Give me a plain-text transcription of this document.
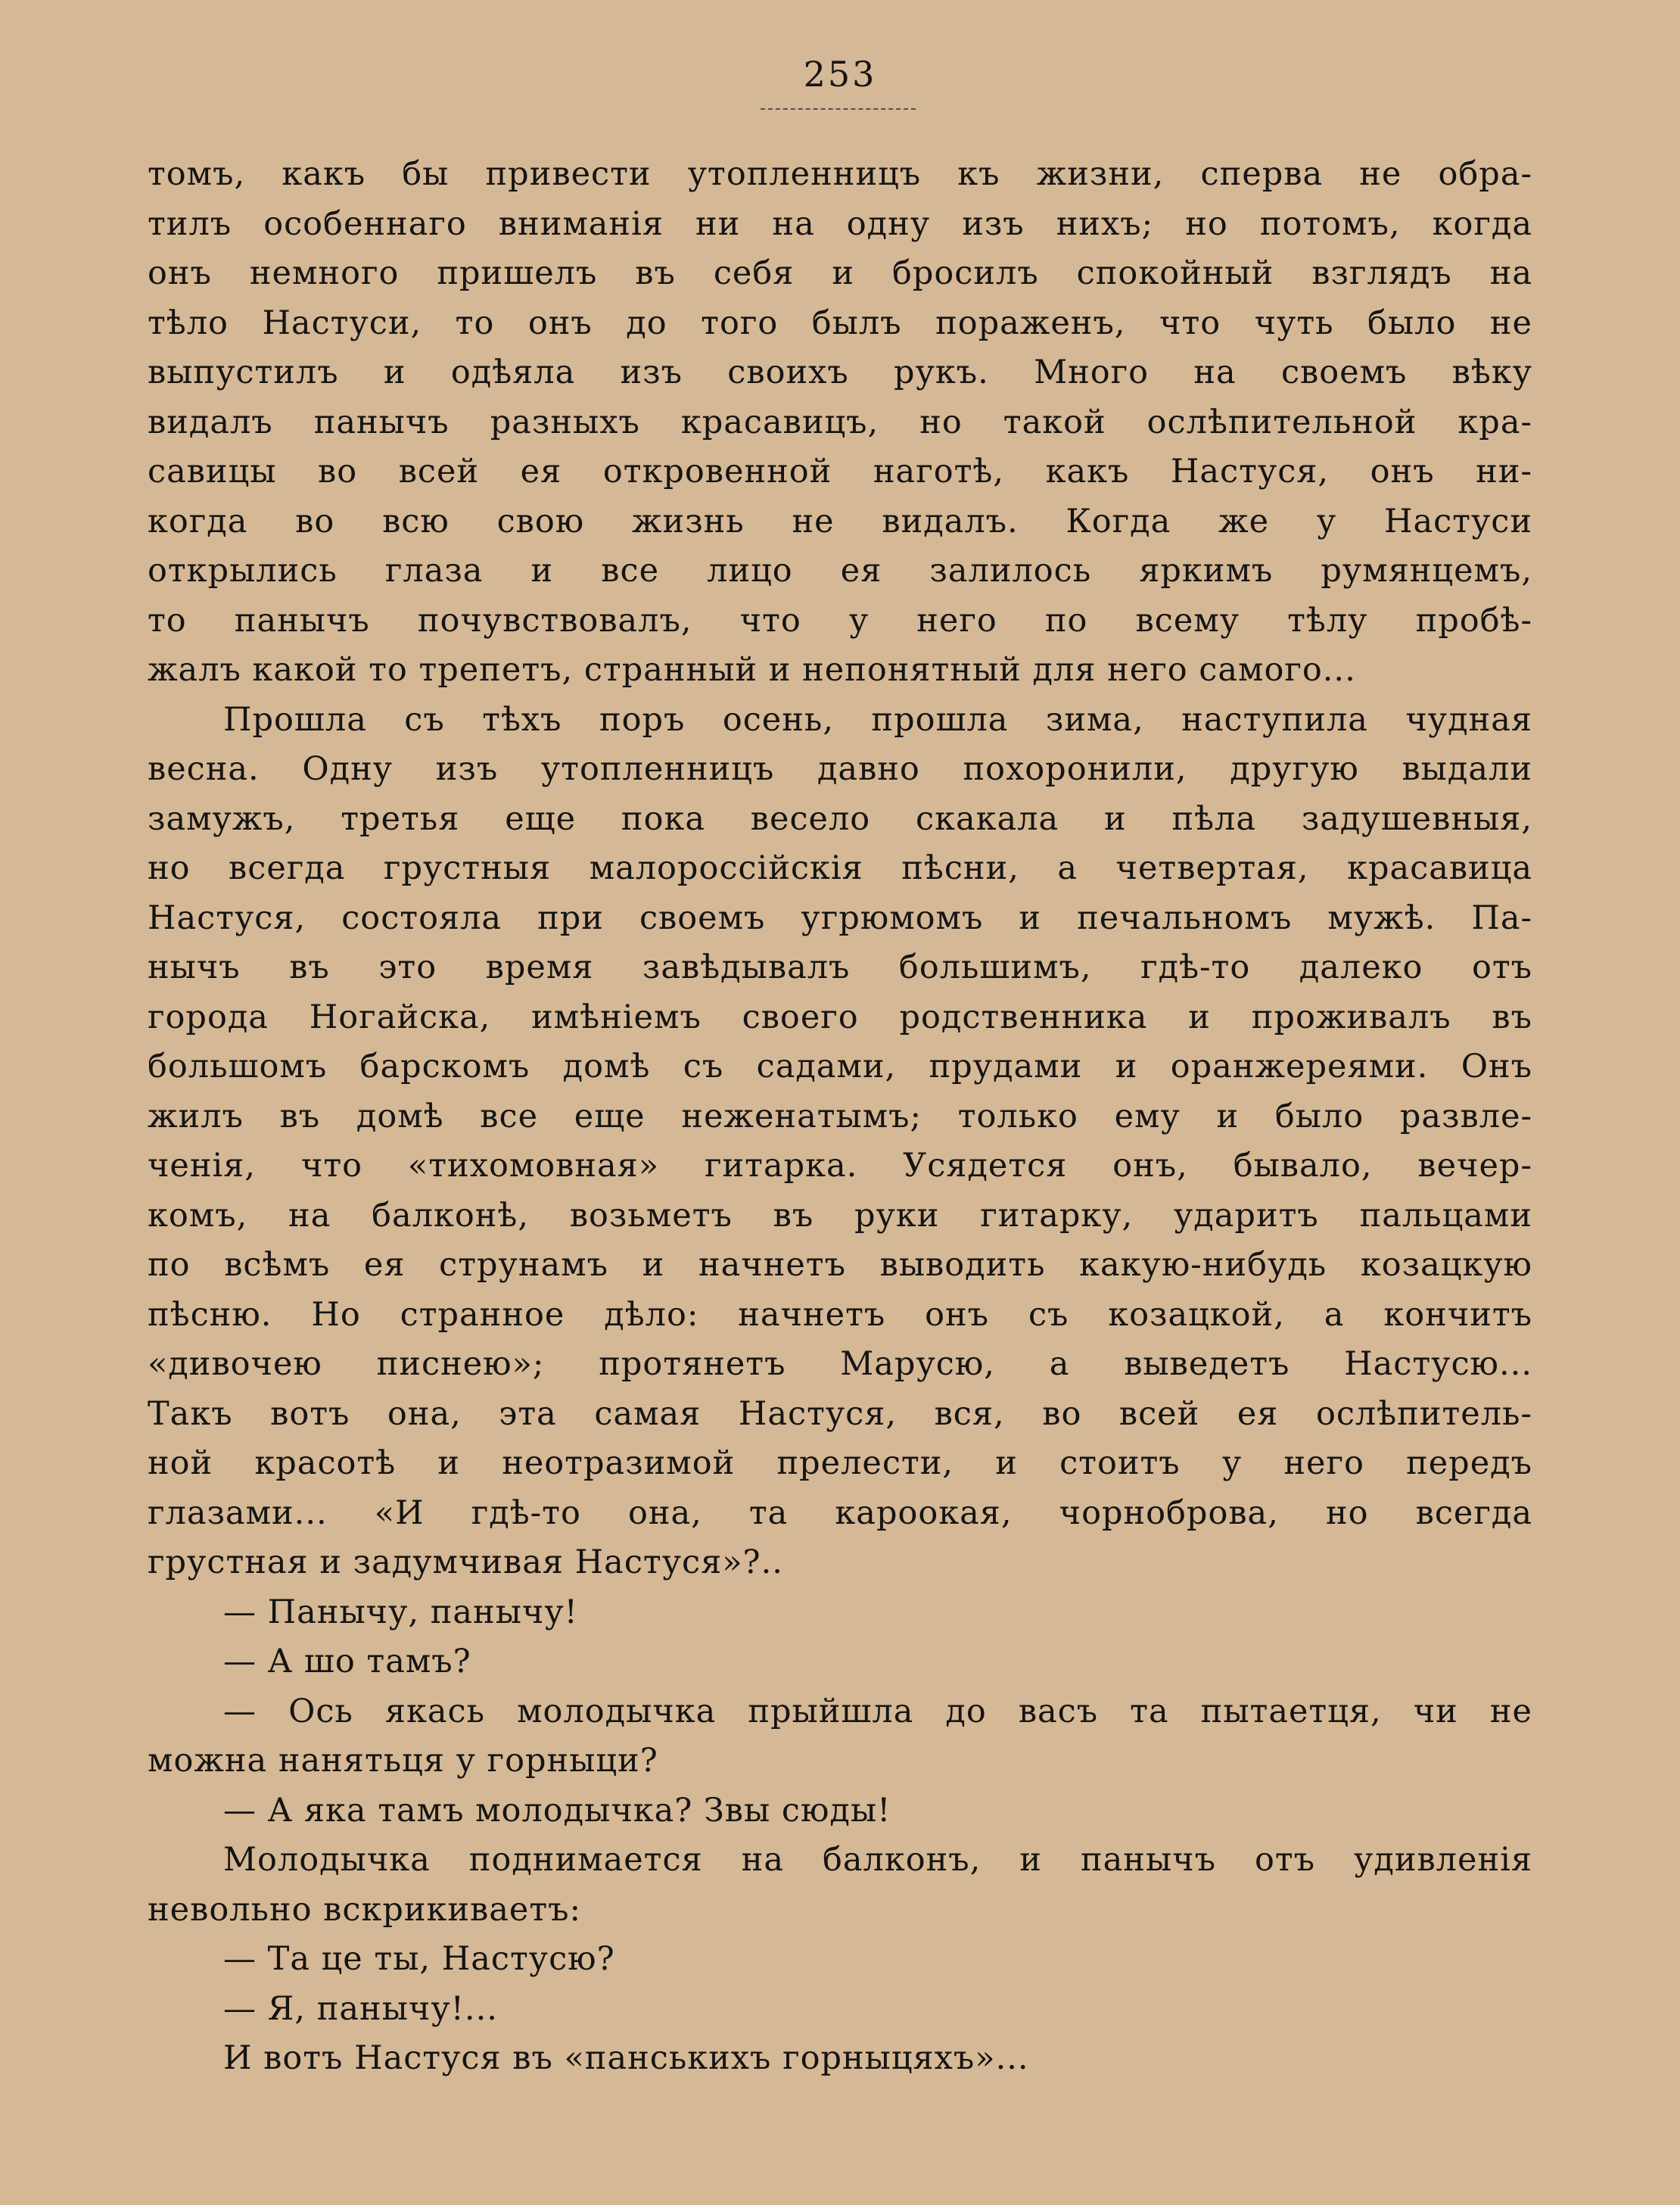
253
томъ, какъ бы привести утопленницъ къ жизни, сперва не обра-
тилъ особеннаго вниманія ни на одну изъ нихъ; но потомъ, когда
онъ немного пришелъ въ себя и бросилъ спокойный взглядъ на
тѣло Настуси, то онъ до того былъ пораженъ, что чуть было не
выпустилъ и одѣяла изъ своихъ рукъ. Много на своемъ вѣку
видалъ панычъ разныхъ красавицъ, но такой ослѣпительной кра-
савицы во всей ея откровенной наготѣ, какъ Настуся, онъ ни-
когда во всю свою жизнь не видалъ. Когда же у Настуси
открылись глаза и все лицо ея залилось яркимъ румянцемъ,
то панычъ почувствовалъ, что у него по всему тѣлу пробѣ-
жалъ какой то трепетъ, странный и непонятный для него самого...
Прошла съ тѣхъ поръ осень, прошла зима, наступила чудная
весна. Одну изъ утопленницъ давно похоронили, другую выдали
замужъ, третья еще пока весело скакала и пѣла задушевныя,
но всегда грустныя малороссійскія пѣсни, а четвертая, красавица
Настуся, состояла при своемъ угрюмомъ и печальномъ мужѣ. Па-
нычъ въ это время завѣдывалъ большимъ, гдѣ-то далеко отъ
города Ногайска, имѣніемъ своего родственника и проживалъ въ
большомъ барскомъ домѣ съ садами, прудами и оранжереями. Онъ
жилъ въ домѣ все еще неженатымъ; только ему и было развле-
ченія, что «тихомовная» гитарка. Усядется онъ, бывало, вечер-
комъ, на балконѣ, возьметъ въ руки гитарку, ударитъ пальцами
по всѣмъ ея струнамъ и начнетъ выводить какую-нибудь козацкую
пѣсню. Но странное дѣло: начнетъ онъ съ козацкой, а кончитъ
«дивочею писнею»; протянетъ Марусю, а выведетъ Настусю...
Такъ вотъ она, эта самая Настуся, вся, во всей ея ослѣпитель-
ной красотѣ и неотразимой прелести, и стоитъ у него передъ
глазами... «И гдѣ-то она, та кароокая, чорноброва, но всегда
грустная и задумчивая Настуся»?..
— Панычу, панычу!
— А шо тамъ?
— Ось якась молодычка прыйшла до васъ та пытаетця, чи не
можна нанятьця у горныци?
— А яка тамъ молодычка? Звы сюды!
Молодычка поднимается на балконъ, и панычъ отъ удивленія
невольно вскрикиваетъ:
— Та це ты, Настусю?
— Я, панычу!...
И вотъ Настуся въ «панськихъ горныцяхъ»...
